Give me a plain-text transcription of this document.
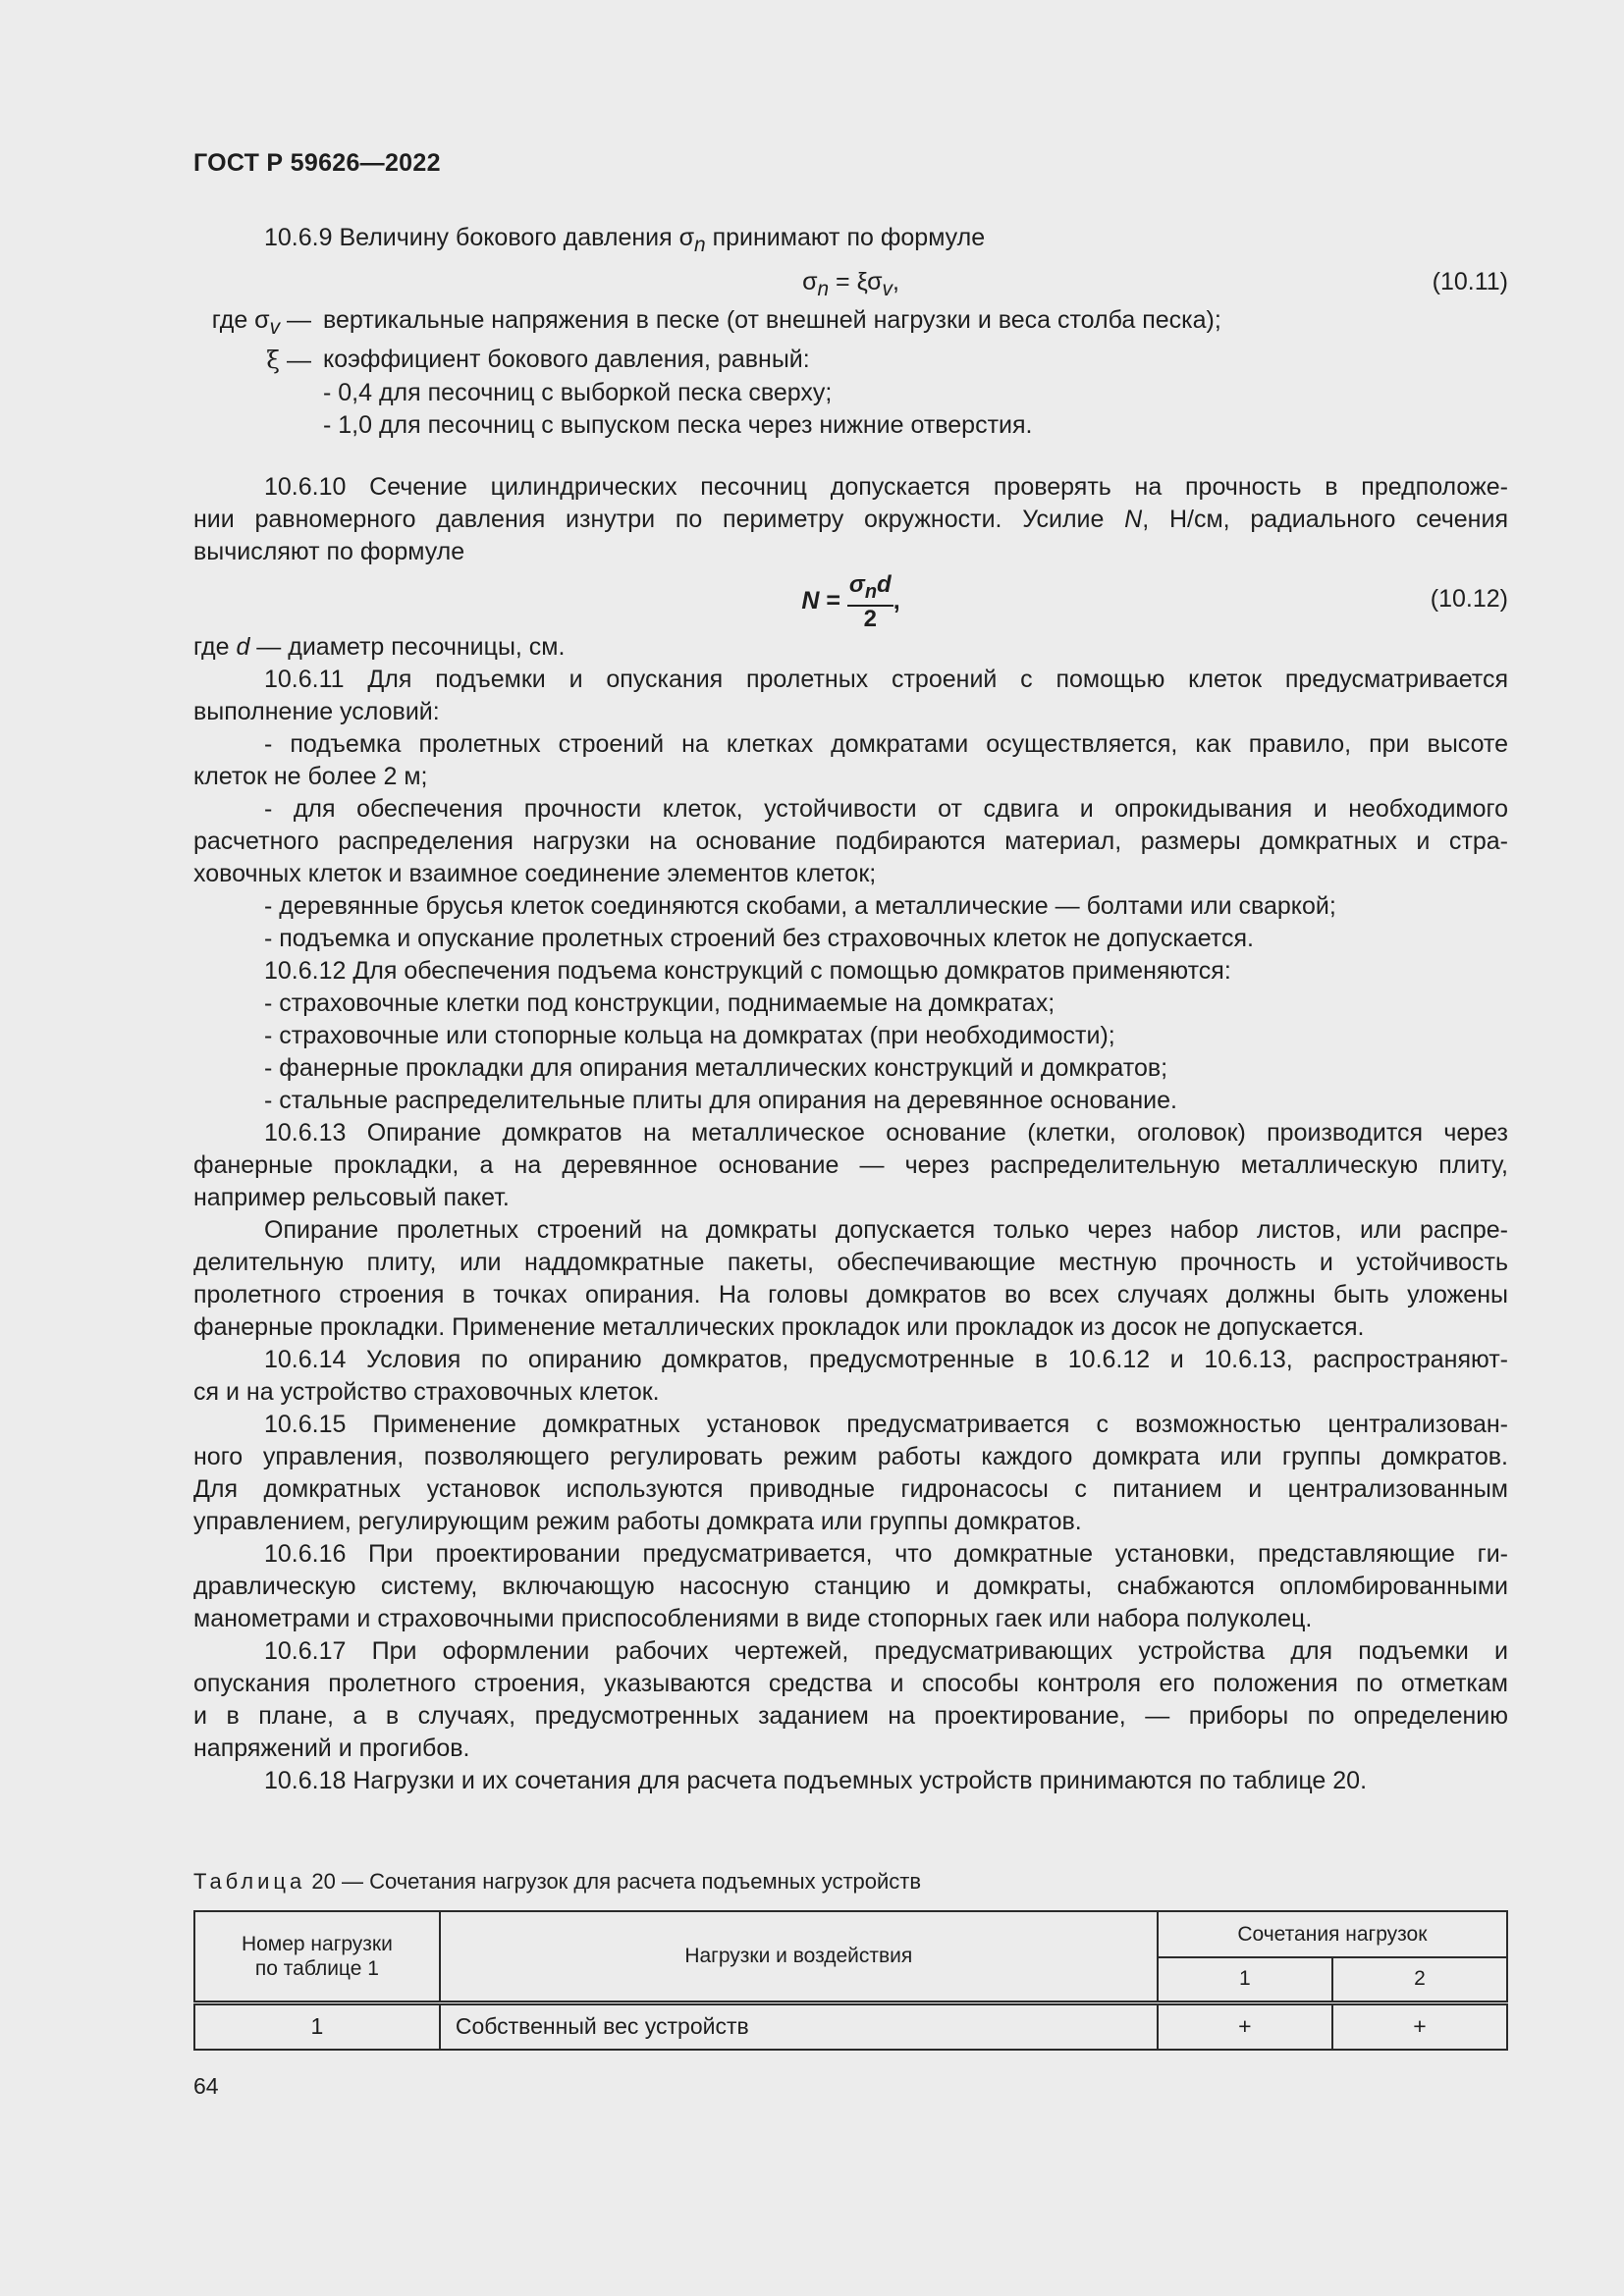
ГОСТ Р 59626—2022

10.6.9 Величину бокового давления $\sigma_n$ принимают по формуле

$\sigma_n = \xi\sigma_v$,	(10.11)
где $\sigma_v$ — вертикальные напряжения в песке (от внешней нагрузки и веса столба песка);
ξ — коэффициент бокового давления, равный:
- 0,4 для песочниц с выборкой песка сверху;
- 1,0 для песочниц с выпуском песка через нижние отверстия.

10.6.10 Сечение цилиндрических песочниц допускается проверять на прочность в предположе-

нии равномерного давления изнутри по периметру окружности. Усилие N, Н/см, радиального сечения

вычисляют по формуле

$N = \frac{\sigma_nd}{2}$ ,	(10.12)

где d — диаметр песочницы, см.

10.6.11 Для подъемки и опускания пролетных строений с помощью клеток предусматривается

выполнение условий:

- подъемка пролетных строений на клетках домкратами осуществляется, как правило, при высоте

клеток не более 2 м;

- для обеспечения прочности клеток, устойчивости от сдвига и опрокидывания и необходимого

расчетного распределения нагрузки на основание подбираются материал, размеры домкратных и стра-

ховочных клеток и взаимное соединение элементов клеток;

- деревянные брусья клеток соединяются скобами, а металлические — болтами или сваркой;

- подъемка и опускание пролетных строений без страховочных клеток не допускается.

10.6.12 Для обеспечения подъема конструкций с помощью домкратов применяются:

- страховочные клетки под конструкции, поднимаемые на домкратах;

- страховочные или стопорные кольца на домкратах (при необходимости);

- фанерные прокладки для опирания металлических конструкций и домкратов;

- стальные распределительные плиты для опирания на деревянное основание.

10.6.13 Опирание домкратов на металлическое основание (клетки, оголовок) производится через

фанерные прокладки, а на деревянное основание — через распределительную металлическую плиту,

например рельсовый пакет.

Опирание пролетных строений на домкраты допускается только через набор листов, или распре-

делительную плиту, или наддомкратные пакеты, обеспечивающие местную прочность и устойчивость

пролетного строения в точках опирания. На головы домкратов во всех случаях должны быть уложены

фанерные прокладки. Применение металлических прокладок или прокладок из досок не допускается.

10.6.14 Условия по опиранию домкратов, предусмотренные в 10.6.12 и 10.6.13, распространяют-

ся и на устройство страховочных клеток.

10.6.15 Применение домкратных установок предусматривается с возможностью централизован-

ного управления, позволяющего регулировать режим работы каждого домкрата или группы домкратов.

Для домкратных установок используются приводные гидронасосы с питанием и централизованным

управлением, регулирующим режим работы домкрата или группы домкратов.

10.6.16 При проектировании предусматривается, что домкратные установки, представляющие ги-

дравлическую систему, включающую насосную станцию и домкраты, снабжаются опломбированными

манометрами и страховочными приспособлениями в виде стопорных гаек или набора полуколец.

10.6.17 При оформлении рабочих чертежей, предусматривающих устройства для подъемки и

опускания пролетного строения, указываются средства и способы контроля его положения по отметкам

и в плане, а в случаях, предусмотренных заданием на проектирование, — приборы по определению

напряжений и прогибов.

10.6.18 Нагрузки и их сочетания для расчета подъемных устройств принимаются по таблице 20.

Таблица 20 — Сочетания нагрузок для расчета подъемных устройств
Номер нагрузки
по таблице 1	Нагрузки и воздействия	Сочетания нагрузок	
		1	2
1	Собственный вес устройств	+	+
64
